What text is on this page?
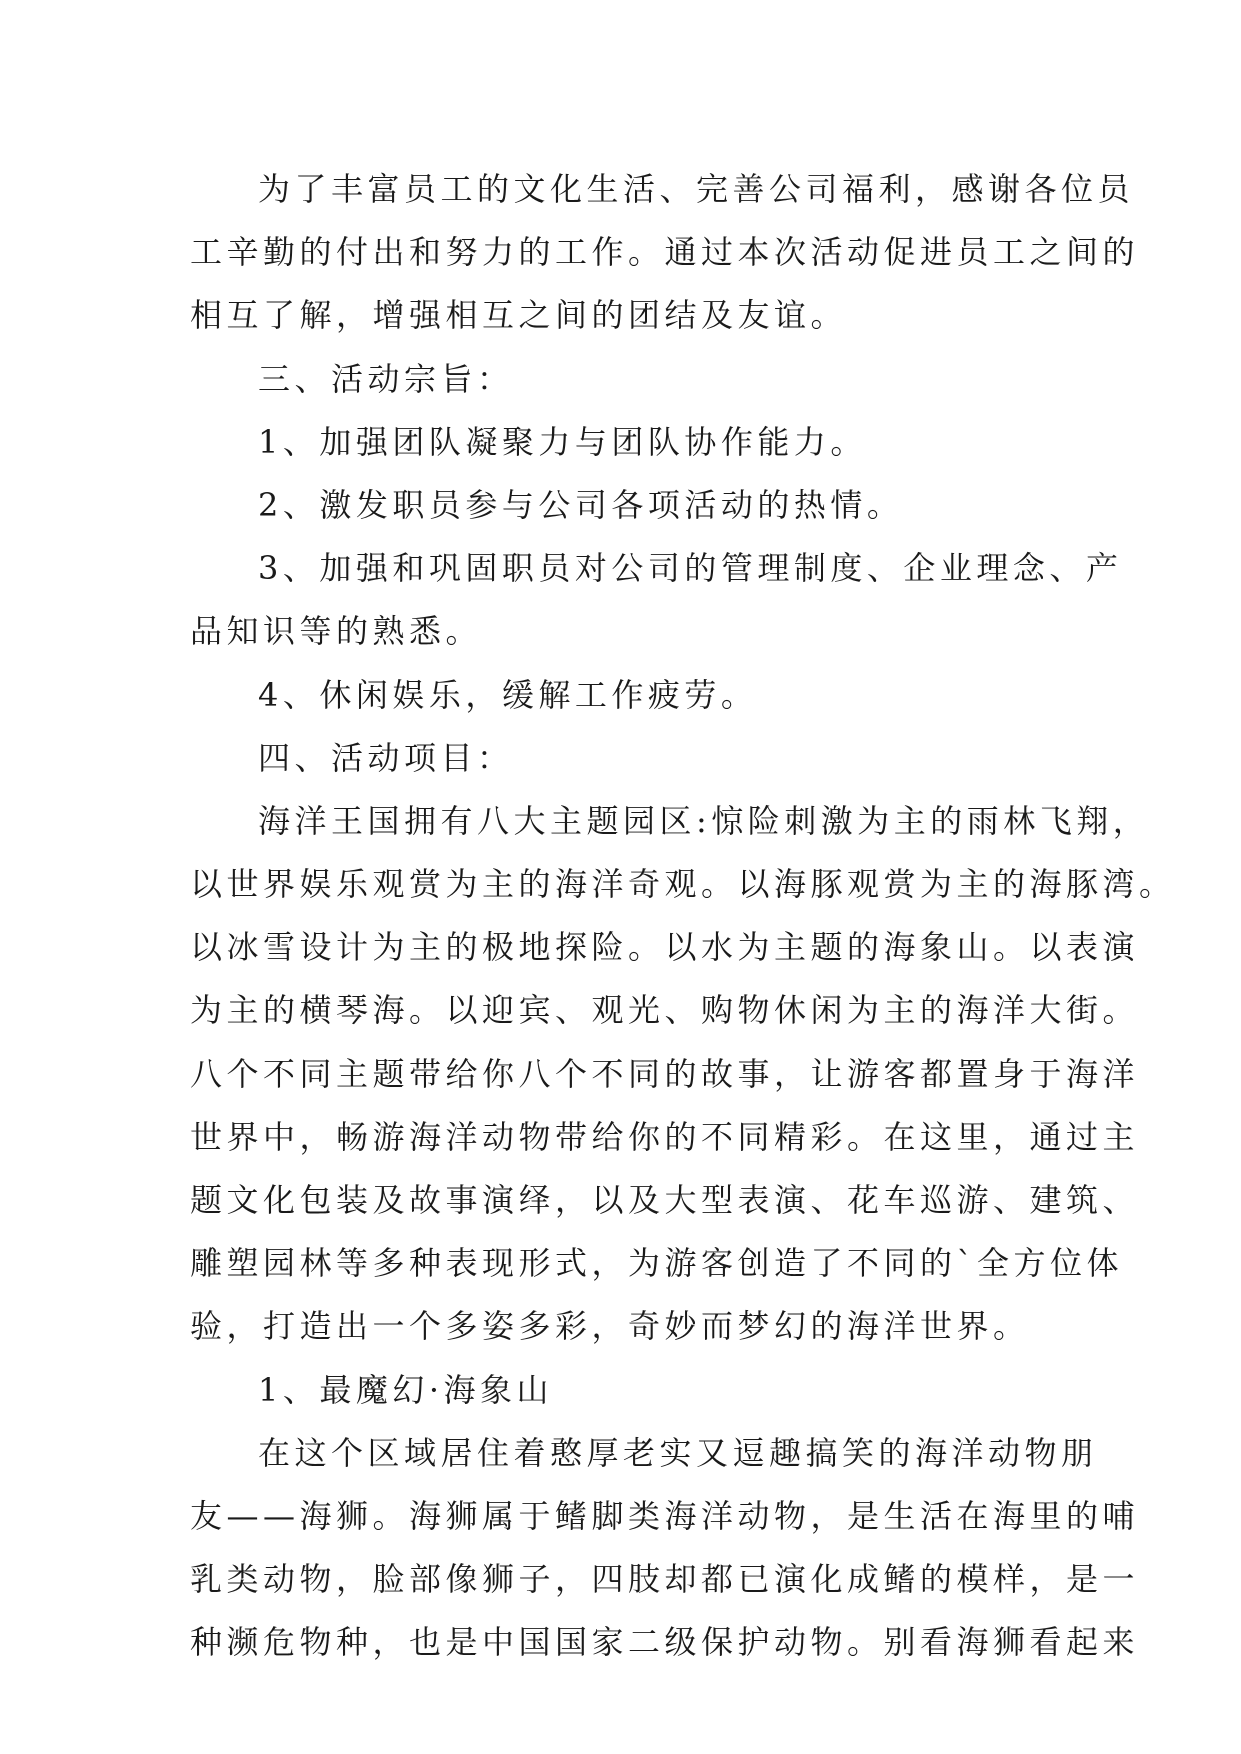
为了丰富员工的文化生活、完善公司福利，感谢各位员
工辛勤的付出和努力的工作。通过本次活动促进员工之间的
相互了解，增强相互之间的团结及友谊。
三、活动宗旨：
1、加强团队凝聚力与团队协作能力。
2、激发职员参与公司各项活动的热情。
3、加强和巩固职员对公司的管理制度、企业理念、产
品知识等的熟悉。
4、休闲娱乐，缓解工作疲劳。
四、活动项目：
海洋王国拥有八大主题园区:惊险刺激为主的雨林飞翔，
以世界娱乐观赏为主的海洋奇观。以海豚观赏为主的海豚湾。
以冰雪设计为主的极地探险。以水为主题的海象山。以表演
为主的横琴海。以迎宾、观光、购物休闲为主的海洋大街。
八个不同主题带给你八个不同的故事，让游客都置身于海洋
世界中，畅游海洋动物带给你的不同精彩。在这里，通过主
题文化包装及故事演绎，以及大型表演、花车巡游、建筑、
雕塑园林等多种表现形式，为游客创造了不同的`全方位体
验，打造出一个多姿多彩，奇妙而梦幻的海洋世界。
1、最魔幻·海象山
在这个区域居住着憨厚老实又逗趣搞笑的海洋动物朋
友——海狮。海狮属于鳍脚类海洋动物，是生活在海里的哺
乳类动物，脸部像狮子，四肢却都已演化成鳍的模样，是一
种濒危物种，也是中国国家二级保护动物。别看海狮看起来
